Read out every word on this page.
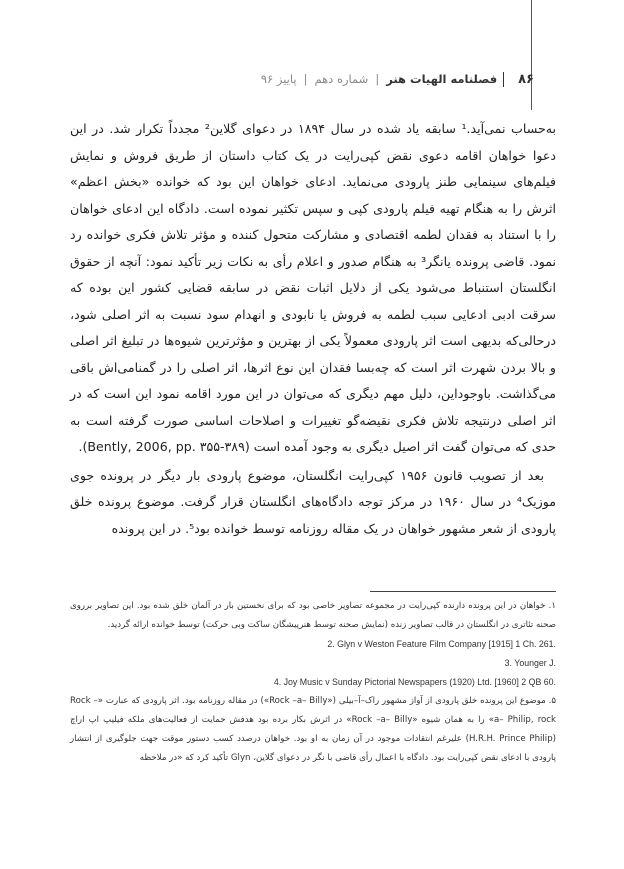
۸۶
فصلنامه الهیات هنر
|
شماره دهم
|
پاییز ۹۶

به‌حساب نمی‌آید.¹ سابقه یاد شده در سال ۱۸۹۴ در دعوای گلاین² مجدداً تکرار شد. در این دعوا خواهان اقامه دعوی نقض کپی‌رایت در یک کتاب داستان از طریق فروش و نمایش فیلم‌های سینمایی طنز پارودی می‌نماید. ادعای خواهان این بود که خوانده «بخش اعظم» اثرش را به هنگام تهیه فیلم پارودی کپی و سپس تکثیر نموده است. دادگاه این ادعای خواهان را با استناد به فقدان لطمه اقتصادی و مشارکت متحول کننده و مؤثر تلاش فکری خوانده رد نمود. قاضی پرونده یانگر³ به هنگام صدور و اعلام رأی به نکات زیر تأکید نمود: آنچه از حقوق انگلستان استنباط می‌شود یکی از دلایل اثبات نقض در سابقه قضایی کشور این بوده که سرقت ادبی ادعایی سبب لطمه به فروش یا نابودی و انهدام سود نسبت به اثر اصلی شود، درحالی‌که بدیهی است اثر پارودی معمولاً یکی از بهترین و مؤثرترین شیوه‌ها در تبلیغ اثر اصلی و بالا بردن شهرت اثر است که چه‌بسا فقدان این نوع اثرها، اثر اصلی را در گمنامی‌اش باقی می‌گذاشت. باوجوداین، دلیل مهم دیگری که می‌توان در این مورد اقامه نمود این است که در اثر اصلی درنتیجه تلاش فکری نقیضه‌گو تغییرات و اصلاحات اساسی صورت گرفته است به حدی که می‌توان گفت اثر اصیل دیگری به وجود آمده است (Bently, 2006, pp. ۳۵۵-۳۸۹).

بعد از تصویب قانون ۱۹۵۶ کپی‌رایت انگلستان، موضوع پارودی بار دیگر در پرونده جوی موزیک⁴ در سال ۱۹۶۰ در مرکز توجه دادگاه‌های انگلستان قرار گرفت. موضوع پرونده خلق پارودی از شعر مشهور خواهان در یک مقاله روزنامه توسط خوانده بود⁵. در این پرونده

۱. خواهان در این پرونده دارنده کپی‌رایت در مجموعه تصاویر خاصی بود که برای نخستین بار در آلمان خلق شده بود. این تصاویر برروی صحنه تئاتری در انگلستان در قالب تصاویر زنده (نمایش صحنه توسط هنرپیشگان ساکت وبی حرکت) توسط خوانده ارائه گردید.

2. Glyn v Weston Feature Film Company [1915] 1 Ch. 261.

3. Younger J.

4. Joy Music v Sunday Pictorial Newspapers (1920) Ltd. [1960] 2 QB 60.

۵. موضوع این پرونده خلق پارودی از آواز مشهور راک‌–آ–بیلی («Rock –a– Billy») در مقاله روزنامه بود. اثر پارودی که عبارت «Rock –a– Philip, rock» را به همان شیوه «Rock –a– Billy» در اثرش بکار برده بود هدفش حمایت از فعالیت‌های ملکه فیلیپ اپ اراچ (H.R.H. Prince Philip) علیرغم انتقادات موجود در آن زمان به او بود. خواهان درصدد کسب دستور موقت جهت جلوگیری از انتشار پارودی با ادعای نقض کپی‌رایت بود. دادگاه با اعمال رأی قاضی با نگر در دعوای گلاین، Glyn تأکید کرد که «در ملاحظه
